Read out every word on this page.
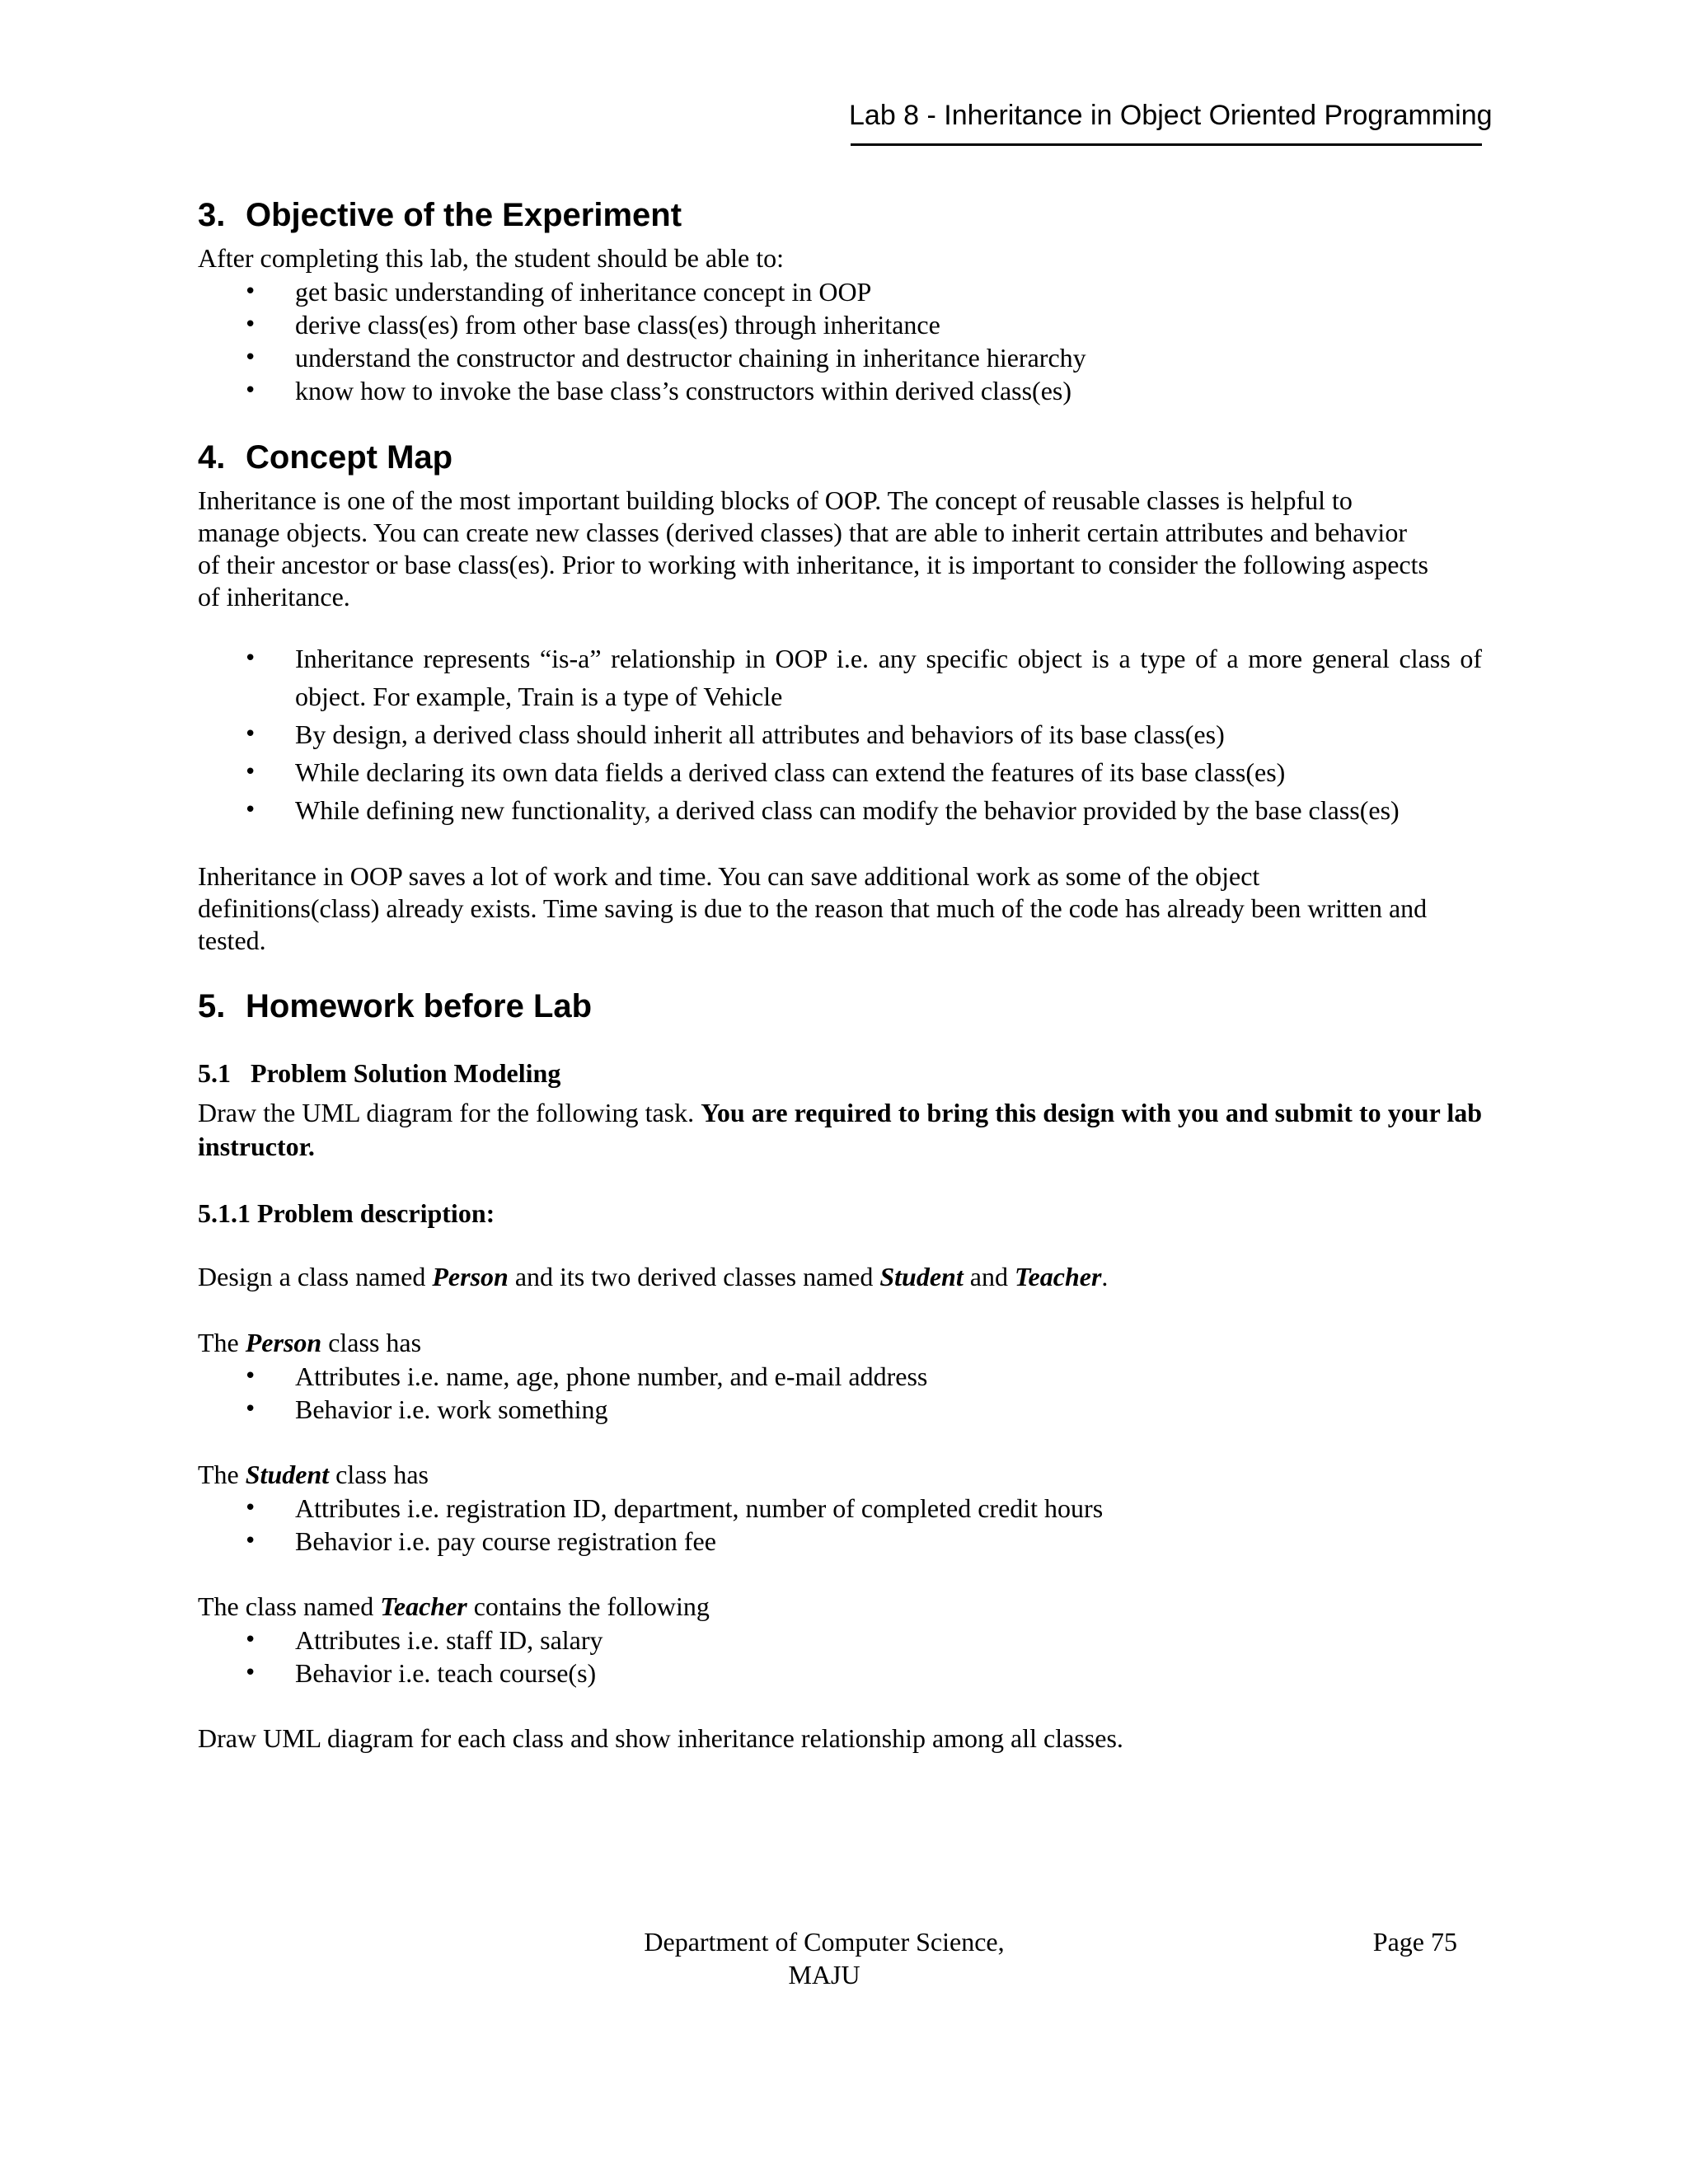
Lab 8 - Inheritance in Object Oriented Programming
3. Objective of the Experiment
After completing this lab, the student should be able to:
• get basic understanding of inheritance concept in OOP
• derive class(es) from other base class(es) through inheritance
• understand the constructor and destructor chaining in inheritance hierarchy
• know how to invoke the base class’s constructors within derived class(es)
4. Concept Map
Inheritance is one of the most important building blocks of OOP. The concept of reusable classes is helpful to
manage objects. You can create new classes (derived classes) that are able to inherit certain attributes and behavior
of their ancestor or base class(es). Prior to working with inheritance, it is important to consider the following aspects
of inheritance.
• Inheritance represents “is-a” relationship in OOP i.e. any specific object is a type of a more general class of object. For example, Train is a type of Vehicle
• By design, a derived class should inherit all attributes and behaviors of its base class(es)
• While declaring its own data fields a derived class can extend the features of its base class(es)
• While defining new functionality, a derived class can modify the behavior provided by the base class(es)
Inheritance in OOP saves a lot of work and time. You can save additional work as some of the object
definitions(class) already exists. Time saving is due to the reason that much of the code has already been written and
tested.
5. Homework before Lab
5.1 Problem Solution Modeling
Draw the UML diagram for the following task. You are required to bring this design with you and submit to your lab instructor.
5.1.1 Problem description:
Design a class named Person and its two derived classes named Student and Teacher.
The Person class has
• Attributes i.e. name, age, phone number, and e-mail address
• Behavior i.e. work something
The Student class has
• Attributes i.e. registration ID, department, number of completed credit hours
• Behavior i.e. pay course registration fee
The class named Teacher contains the following
• Attributes i.e. staff ID, salary
• Behavior i.e. teach course(s)
Draw UML diagram for each class and show inheritance relationship among all classes.
Department of Computer Science,
MAJU
Page 75
